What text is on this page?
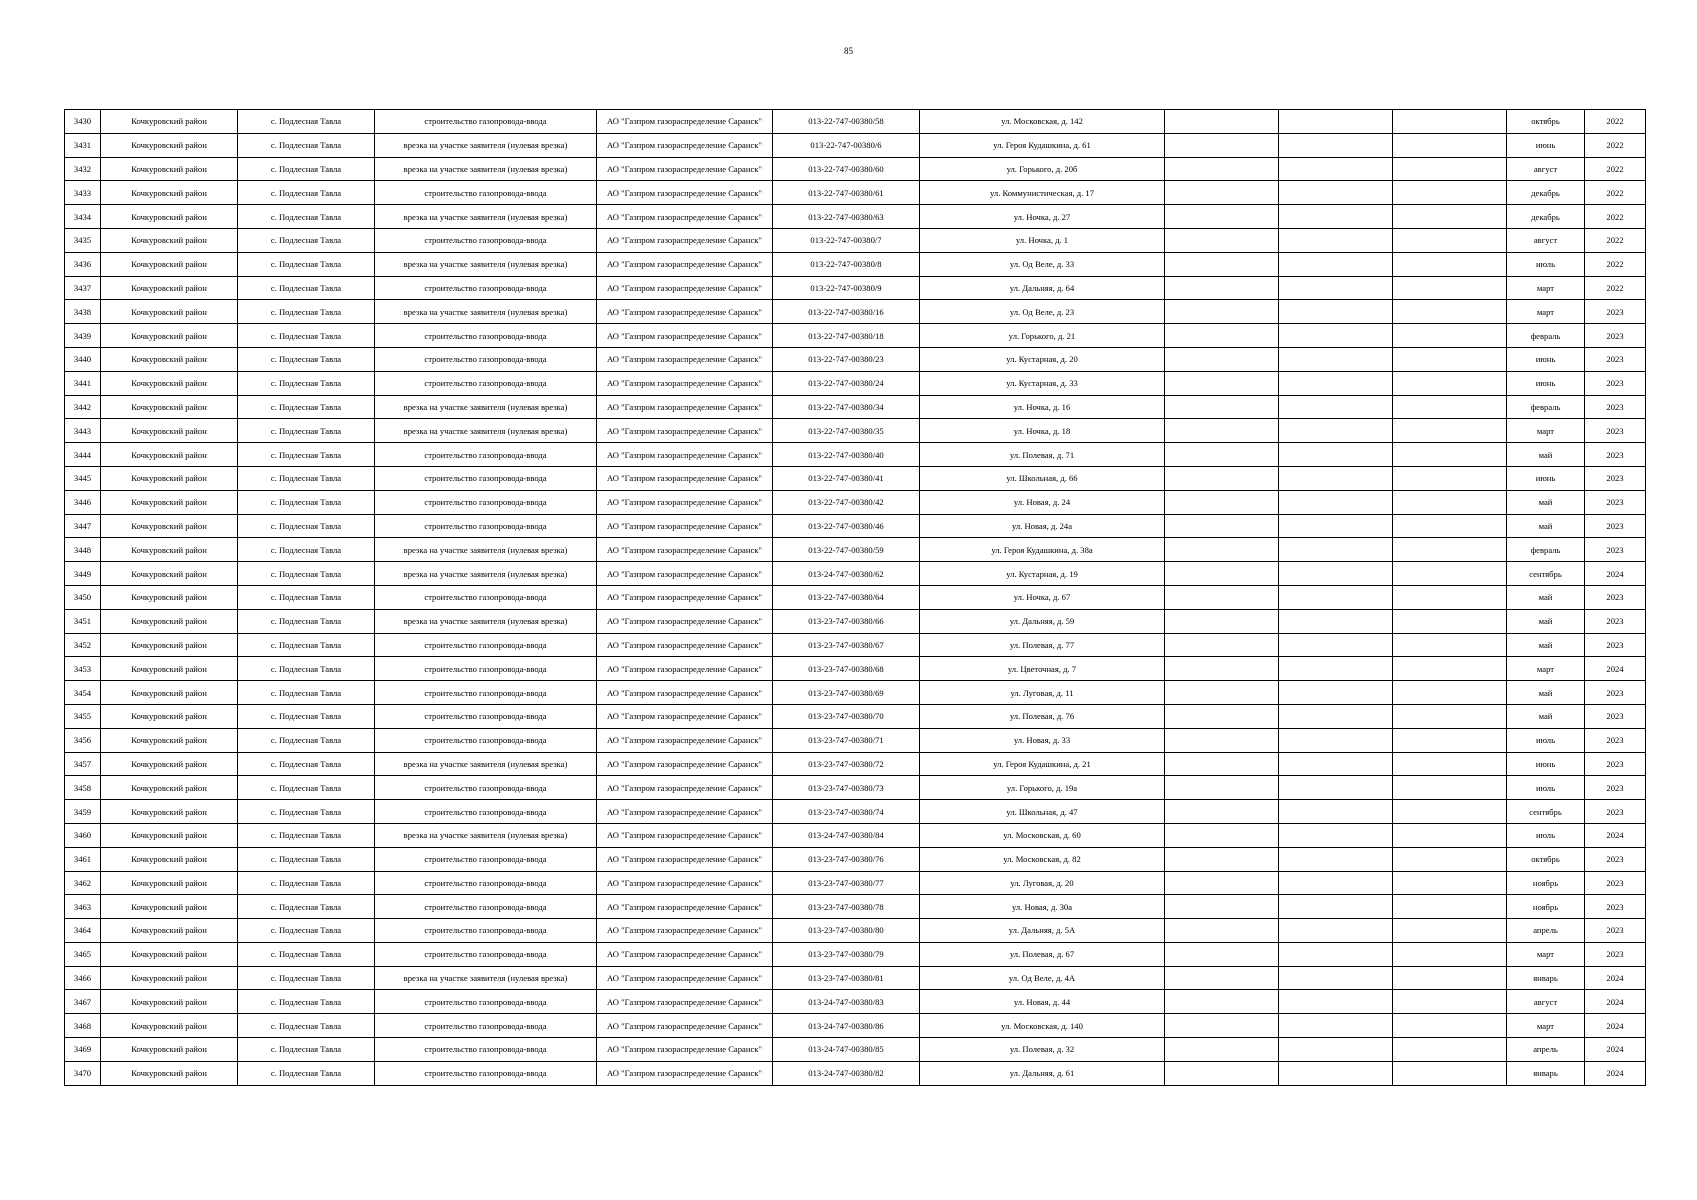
85
3430	Кочкуровский район	с. Подлесная Тавла	строительство газопровода-ввода	АО "Газпром газораспределение Саранск"	013-22-747-00380/58	ул. Московская, д. 142				октябрь	2022
3431	Кочкуровский район	с. Подлесная Тавла	врезка на участке заявителя (нулевая врезка)	АО "Газпром газораспределение Саранск"	013-22-747-00380/6	ул. Героя Кудашкина, д. 61				июнь	2022
3432	Кочкуровский район	с. Подлесная Тавла	врезка на участке заявителя (нулевая врезка)	АО "Газпром газораспределение Саранск"	013-22-747-00380/60	ул. Горького, д. 20б				август	2022
3433	Кочкуровский район	с. Подлесная Тавла	строительство газопровода-ввода	АО "Газпром газораспределение Саранск"	013-22-747-00380/61	ул. Коммунистическая, д. 17				декабрь	2022
3434	Кочкуровский район	с. Подлесная Тавла	врезка на участке заявителя (нулевая врезка)	АО "Газпром газораспределение Саранск"	013-22-747-00380/63	ул. Ночка, д. 27				декабрь	2022
3435	Кочкуровский район	с. Подлесная Тавла	строительство газопровода-ввода	АО "Газпром газораспределение Саранск"	013-22-747-00380/7	ул. Ночка, д. 1				август	2022
3436	Кочкуровский район	с. Подлесная Тавла	врезка на участке заявителя (нулевая врезка)	АО "Газпром газораспределение Саранск"	013-22-747-00380/8	ул. Од Веле, д. 33				июль	2022
3437	Кочкуровский район	с. Подлесная Тавла	строительство газопровода-ввода	АО "Газпром газораспределение Саранск"	013-22-747-00380/9	ул. Дальняя, д. 64				март	2022
3438	Кочкуровский район	с. Подлесная Тавла	врезка на участке заявителя (нулевая врезка)	АО "Газпром газораспределение Саранск"	013-22-747-00380/16	ул. Од Веле, д. 23				март	2023
3439	Кочкуровский район	с. Подлесная Тавла	строительство газопровода-ввода	АО "Газпром газораспределение Саранск"	013-22-747-00380/18	ул. Горького, д. 21				февраль	2023
3440	Кочкуровский район	с. Подлесная Тавла	строительство газопровода-ввода	АО "Газпром газораспределение Саранск"	013-22-747-00380/23	ул. Кустарная, д. 20				июнь	2023
3441	Кочкуровский район	с. Подлесная Тавла	строительство газопровода-ввода	АО "Газпром газораспределение Саранск"	013-22-747-00380/24	ул. Кустарная, д. 33				июнь	2023
3442	Кочкуровский район	с. Подлесная Тавла	врезка на участке заявителя (нулевая врезка)	АО "Газпром газораспределение Саранск"	013-22-747-00380/34	ул. Ночка, д. 16				февраль	2023
3443	Кочкуровский район	с. Подлесная Тавла	врезка на участке заявителя (нулевая врезка)	АО "Газпром газораспределение Саранск"	013-22-747-00380/35	ул. Ночка, д. 18				март	2023
3444	Кочкуровский район	с. Подлесная Тавла	строительство газопровода-ввода	АО "Газпром газораспределение Саранск"	013-22-747-00380/40	ул. Полевая, д. 71				май	2023
3445	Кочкуровский район	с. Подлесная Тавла	строительство газопровода-ввода	АО "Газпром газораспределение Саранск"	013-22-747-00380/41	ул. Школьная, д. 66				июнь	2023
3446	Кочкуровский район	с. Подлесная Тавла	строительство газопровода-ввода	АО "Газпром газораспределение Саранск"	013-22-747-00380/42	ул. Новая, д. 24				май	2023
3447	Кочкуровский район	с. Подлесная Тавла	строительство газопровода-ввода	АО "Газпром газораспределение Саранск"	013-22-747-00380/46	ул. Новая, д. 24а				май	2023
3448	Кочкуровский район	с. Подлесная Тавла	врезка на участке заявителя (нулевая врезка)	АО "Газпром газораспределение Саранск"	013-22-747-00380/59	ул. Героя Кудашкина, д. 38а				февраль	2023
3449	Кочкуровский район	с. Подлесная Тавла	врезка на участке заявителя (нулевая врезка)	АО "Газпром газораспределение Саранск"	013-24-747-00380/62	ул. Кустарная, д. 19				сентябрь	2024
3450	Кочкуровский район	с. Подлесная Тавла	строительство газопровода-ввода	АО "Газпром газораспределение Саранск"	013-22-747-00380/64	ул. Ночка, д. 67				май	2023
3451	Кочкуровский район	с. Подлесная Тавла	врезка на участке заявителя (нулевая врезка)	АО "Газпром газораспределение Саранск"	013-23-747-00380/66	ул. Дальняя, д. 59				май	2023
3452	Кочкуровский район	с. Подлесная Тавла	строительство газопровода-ввода	АО "Газпром газораспределение Саранск"	013-23-747-00380/67	ул. Полевая, д. 77				май	2023
3453	Кочкуровский район	с. Подлесная Тавла	строительство газопровода-ввода	АО "Газпром газораспределение Саранск"	013-23-747-00380/68	ул. Цветочная, д. 7				март	2024
3454	Кочкуровский район	с. Подлесная Тавла	строительство газопровода-ввода	АО "Газпром газораспределение Саранск"	013-23-747-00380/69	ул. Луговая, д. 11				май	2023
3455	Кочкуровский район	с. Подлесная Тавла	строительство газопровода-ввода	АО "Газпром газораспределение Саранск"	013-23-747-00380/70	ул. Полевая, д. 76				май	2023
3456	Кочкуровский район	с. Подлесная Тавла	строительство газопровода-ввода	АО "Газпром газораспределение Саранск"	013-23-747-00380/71	ул. Новая, д. 33				июль	2023
3457	Кочкуровский район	с. Подлесная Тавла	врезка на участке заявителя (нулевая врезка)	АО "Газпром газораспределение Саранск"	013-23-747-00380/72	ул. Героя Кудашкина, д. 21				июнь	2023
3458	Кочкуровский район	с. Подлесная Тавла	строительство газопровода-ввода	АО "Газпром газораспределение Саранск"	013-23-747-00380/73	ул. Горького, д. 19а				июль	2023
3459	Кочкуровский район	с. Подлесная Тавла	строительство газопровода-ввода	АО "Газпром газораспределение Саранск"	013-23-747-00380/74	ул. Школьная, д. 47				сентябрь	2023
3460	Кочкуровский район	с. Подлесная Тавла	врезка на участке заявителя (нулевая врезка)	АО "Газпром газораспределение Саранск"	013-24-747-00380/84	ул. Московская, д. 60				июль	2024
3461	Кочкуровский район	с. Подлесная Тавла	строительство газопровода-ввода	АО "Газпром газораспределение Саранск"	013-23-747-00380/76	ул. Московская, д. 82				октябрь	2023
3462	Кочкуровский район	с. Подлесная Тавла	строительство газопровода-ввода	АО "Газпром газораспределение Саранск"	013-23-747-00380/77	ул. Луговая, д. 20				ноябрь	2023
3463	Кочкуровский район	с. Подлесная Тавла	строительство газопровода-ввода	АО "Газпром газораспределение Саранск"	013-23-747-00380/78	ул. Новая, д. 30а				ноябрь	2023
3464	Кочкуровский район	с. Подлесная Тавла	строительство газопровода-ввода	АО "Газпром газораспределение Саранск"	013-23-747-00380/80	ул. Дальняя, д. 5А				апрель	2023
3465	Кочкуровский район	с. Подлесная Тавла	строительство газопровода-ввода	АО "Газпром газораспределение Саранск"	013-23-747-00380/79	ул. Полевая, д. 67				март	2023
3466	Кочкуровский район	с. Подлесная Тавла	врезка на участке заявителя (нулевая врезка)	АО "Газпром газораспределение Саранск"	013-23-747-00380/81	ул. Од Веле, д. 4А				январь	2024
3467	Кочкуровский район	с. Подлесная Тавла	строительство газопровода-ввода	АО "Газпром газораспределение Саранск"	013-24-747-00380/83	ул. Новая, д. 44				август	2024
3468	Кочкуровский район	с. Подлесная Тавла	строительство газопровода-ввода	АО "Газпром газораспределение Саранск"	013-24-747-00380/86	ул. Московская, д. 140				март	2024
3469	Кочкуровский район	с. Подлесная Тавла	строительство газопровода-ввода	АО "Газпром газораспределение Саранск"	013-24-747-00380/85	ул. Полевая, д. 32				апрель	2024
3470	Кочкуровский район	с. Подлесная Тавла	строительство газопровода-ввода	АО "Газпром газораспределение Саранск"	013-24-747-00380/82	ул. Дальняя, д. 61				январь	2024
